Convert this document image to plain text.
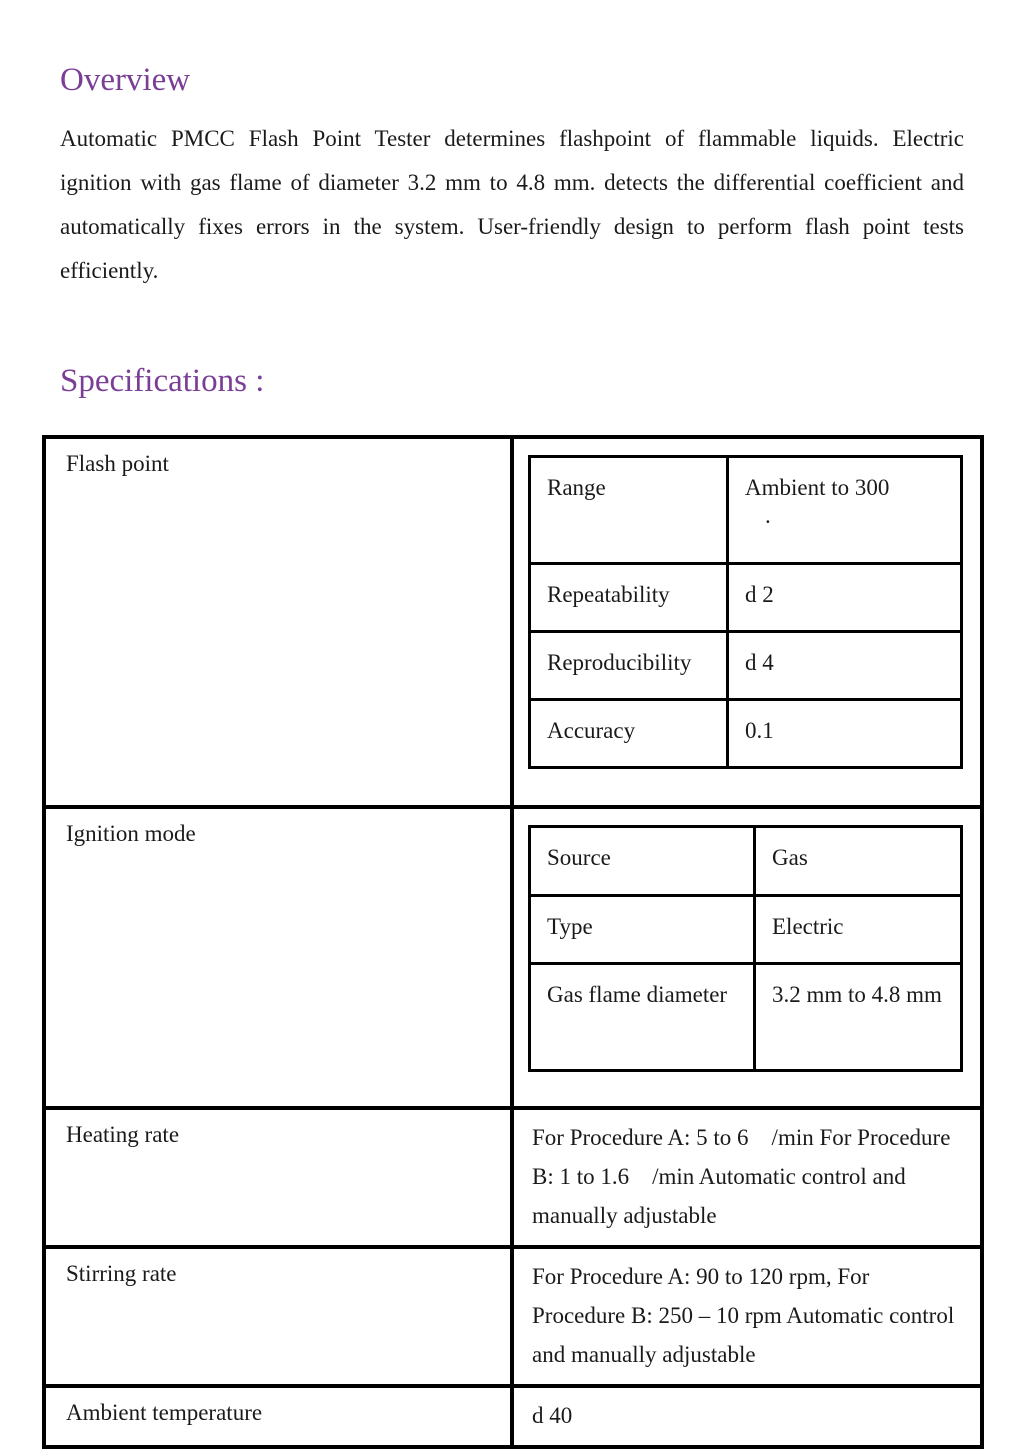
Overview

Automatic PMCC Flash Point Tester determines flashpoint of flammable liquids. Electric ignition with gas flame of diameter 3.2 mm to 4.8 mm. detects the differential coefficient and automatically fixes errors in the system. User-friendly design to perform flash point tests efficiently.

Specifications :
Flash point	
Range	Ambient to 300
.

Repeatability	d 2
Reproducibility	d 4
Accuracy	0.1

Ignition mode	
Source	Gas
Type	Electric
Gas flame diameter	3.2 mm to 4.8 mm

Heating rate	For Procedure A: 5 to 6    /min For Procedure B: 1 to 1.6    /min Automatic control and manually adjustable
Stirring rate	For Procedure A: 90 to 120 rpm, For Procedure B: 250 – 10 rpm Automatic control and manually adjustable
Ambient temperature	d 40
